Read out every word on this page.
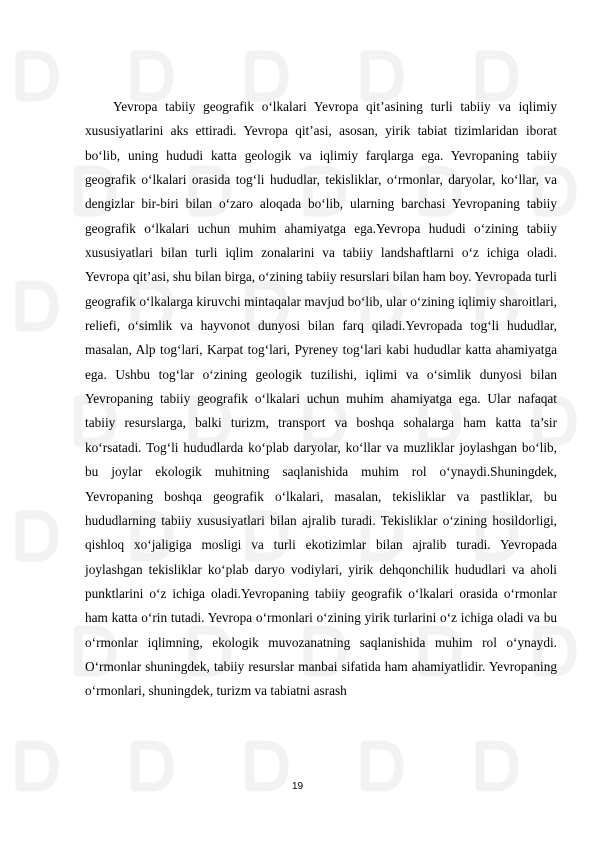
Yevropa tabiiy geografik o‘lkalari Yevropa qit’asining turli tabiiy va iqlimiy xususiyatlarini aks ettiradi. Yevropa qit’asi, asosan, yirik tabiat tizimlaridan iborat bo‘lib, uning hududi katta geologik va iqlimiy farqlarga ega. Yevropaning tabiiy geografik o‘lkalari orasida tog‘li hududlar, tekisliklar, o‘rmonlar, daryolar, ko‘llar, va dengizlar bir-biri bilan o‘zaro aloqada bo‘lib, ularning barchasi Yevropaning tabiiy geografik o‘lkalari uchun muhim ahamiyatga ega.Yevropa hududi o‘zining tabiiy xususiyatlari bilan turli iqlim zonalarini va tabiiy landshaftlarni o‘z ichiga oladi. Yevropa qit’asi, shu bilan birga, o‘zining tabiiy resurslari bilan ham boy. Yevropada turli geografik o‘lkalarga kiruvchi mintaqalar mavjud bo‘lib, ular o‘zining iqlimiy sharoitlari, reliefi, o‘simlik va hayvonot dunyosi bilan farq qiladi.Yevropada tog‘li hududlar, masalan, Alp tog‘lari, Karpat tog‘lari, Pyreney tog‘lari kabi hududlar katta ahamiyatga ega. Ushbu tog‘lar o‘zining geologik tuzilishi, iqlimi va o‘simlik dunyosi bilan Yevropaning tabiiy geografik o‘lkalari uchun muhim ahamiyatga ega. Ular nafaqat tabiiy resurslarga, balki turizm, transport va boshqa sohalarga ham katta ta’sir ko‘rsatadi. Tog‘li hududlarda ko‘plab daryolar, ko‘llar va muzliklar joylashgan bo‘lib, bu joylar ekologik muhitning saqlanishida muhim rol o‘ynaydi.Shuningdek, Yevropaning boshqa geografik o‘lkalari, masalan, tekisliklar va pastliklar, bu hududlarning tabiiy xususiyatlari bilan ajralib turadi. Tekisliklar o‘zining hosildorligi, qishloq xo‘jaligiga mosligi va turli ekotizimlar bilan ajralib turadi. Yevropada joylashgan tekisliklar ko‘plab daryo vodiylari, yirik dehqonchilik hududlari va aholi punktlarini o‘z ichiga oladi.Yevropaning tabiiy geografik o‘lkalari orasida o‘rmonlar ham katta o‘rin tutadi. Yevropa o‘rmonlari o‘zining yirik turlarini o‘z ichiga oladi va bu o‘rmonlar iqlimning, ekologik muvozanatning saqlanishida muhim rol o‘ynaydi. O‘rmonlar shuningdek, tabiiy resurslar manbai sifatida ham ahamiyatlidir. Yevropaning o‘rmonlari, shuningdek, turizm va tabiatni asrash

19
